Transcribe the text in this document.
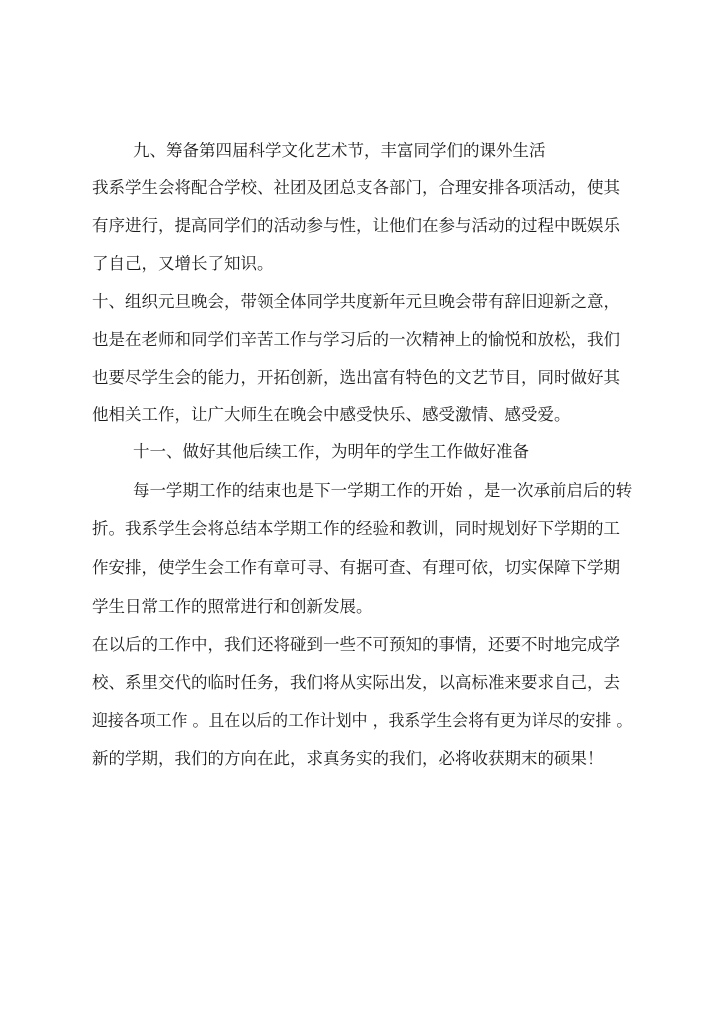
九、筹备第四届科学文化艺术节，丰富同学们的课外生活
我系学生会将配合学校、社团及团总支各部门，合理安排各项活动，使其
有序进行，提高同学们的活动参与性，让他们在参与活动的过程中既娱乐
了自己，又增长了知识。
十、组织元旦晚会，带领全体同学共度新年元旦晚会带有辞旧迎新之意，
也是在老师和同学们辛苦工作与学习后的一次精神上的愉悦和放松，我们
也要尽学生会的能力，开拓创新，选出富有特色的文艺节目，同时做好其
他相关工作，让广大师生在晚会中感受快乐、感受激情、感受爱。
十一、做好其他后续工作，为明年的学生工作做好准备
每一学期工作的结束也是下一学期工作的开始 ，是一次承前启后的转
折。我系学生会将总结本学期工作的经验和教训，同时规划好下学期的工
作安排，使学生会工作有章可寻、有据可查、有理可依，切实保障下学期
学生日常工作的照常进行和创新发展。
在以后的工作中，我们还将碰到一些不可预知的事情，还要不时地完成学
校、系里交代的临时任务，我们将从实际出发，以高标准来要求自己，去
迎接各项工作 。且在以后的工作计划中 ，我系学生会将有更为详尽的安排 。
新的学期，我们的方向在此，求真务实的我们，必将收获期末的硕果！
